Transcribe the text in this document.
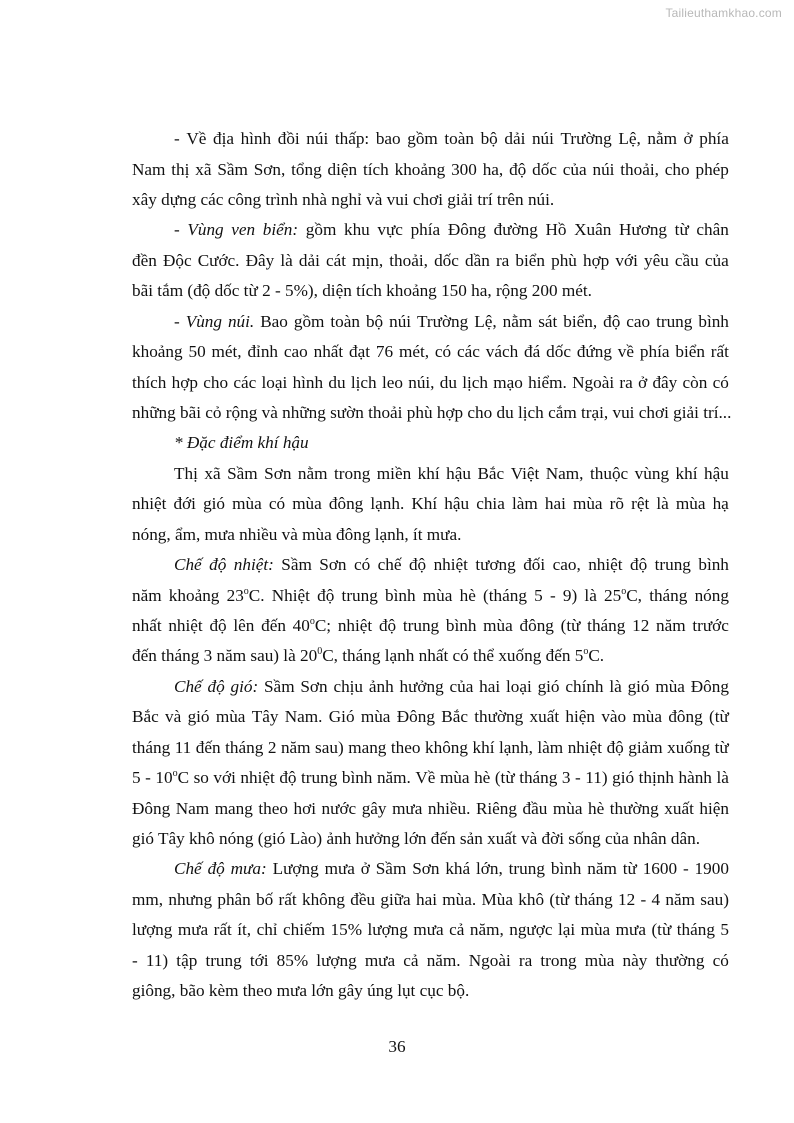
Tailieuthamkhao.com
- Về địa hình đồi núi thấp: bao gồm toàn bộ dải núi Trường Lệ, nằm ở phía
Nam thị xã Sầm Sơn, tổng diện tích khoảng 300 ha, độ dốc của núi thoải, cho phép
xây dựng các công trình nhà nghỉ và vui chơi giải trí trên núi.
- Vùng ven biển: gồm khu vực phía Đông đường Hồ Xuân Hương từ chân
đền Độc Cước. Đây là dải cát mịn, thoải, dốc dần ra biển phù hợp với yêu cầu của
bãi tắm (độ dốc từ 2 - 5%), diện tích khoảng 150 ha, rộng 200 mét.
- Vùng núi. Bao gồm toàn bộ núi Trường Lệ, nằm sát biển, độ cao trung bình
khoảng 50 mét, đỉnh cao nhất đạt 76 mét, có các vách đá dốc đứng về phía biển rất
thích hợp cho các loại hình du lịch leo núi, du lịch mạo hiểm. Ngoài ra ở đây còn có
những bãi cỏ rộng và những sườn thoải phù hợp cho du lịch cắm trại, vui chơi giải trí...
* Đặc điểm khí hậu
Thị xã Sầm Sơn nằm trong miền khí hậu Bắc Việt Nam, thuộc vùng khí hậu
nhiệt đới gió mùa có mùa đông lạnh. Khí hậu chia làm hai mùa rõ rệt là mùa hạ
nóng, ẩm, mưa nhiều và mùa đông lạnh, ít mưa.
Chế độ nhiệt: Sầm Sơn có chế độ nhiệt tương đối cao, nhiệt độ trung bình
năm khoảng 23$^o$C. Nhiệt độ trung bình mùa hè (tháng 5 - 9) là 25$^o$C, tháng nóng
nhất nhiệt độ lên đến 40$^o$C; nhiệt độ trung bình mùa đông (từ tháng 12 năm trước
đến tháng 3 năm sau) là $20^0C$, tháng lạnh nhất có thể xuống đến 5$^o$C.
Chế độ gió: Sầm Sơn chịu ảnh hưởng của hai loại gió chính là gió mùa Đông
Bắc và gió mùa Tây Nam. Gió mùa Đông Bắc thường xuất hiện vào mùa đông (từ
tháng 11 đến tháng 2 năm sau) mang theo không khí lạnh, làm nhiệt độ giảm xuống từ
5 - 10$^o$C so với nhiệt độ trung bình năm. Về mùa hè (từ tháng 3 - 11) gió thịnh hành là
Đông Nam mang theo hơi nước gây mưa nhiều. Riêng đầu mùa hè thường xuất hiện
gió Tây khô nóng (gió Lào) ảnh hưởng lớn đến sản xuất và đời sống của nhân dân.
Chế độ mưa: Lượng mưa ở Sầm Sơn khá lớn, trung bình năm từ 1600 - 1900
mm, nhưng phân bố rất không đều giữa hai mùa. Mùa khô (từ tháng 12 - 4 năm sau)
lượng mưa rất ít, chỉ chiếm 15% lượng mưa cả năm, ngược lại mùa mưa (từ tháng 5
- 11) tập trung tới 85% lượng mưa cả năm. Ngoài ra trong mùa này thường có
giông, bão kèm theo mưa lớn gây úng lụt cục bộ.
36
